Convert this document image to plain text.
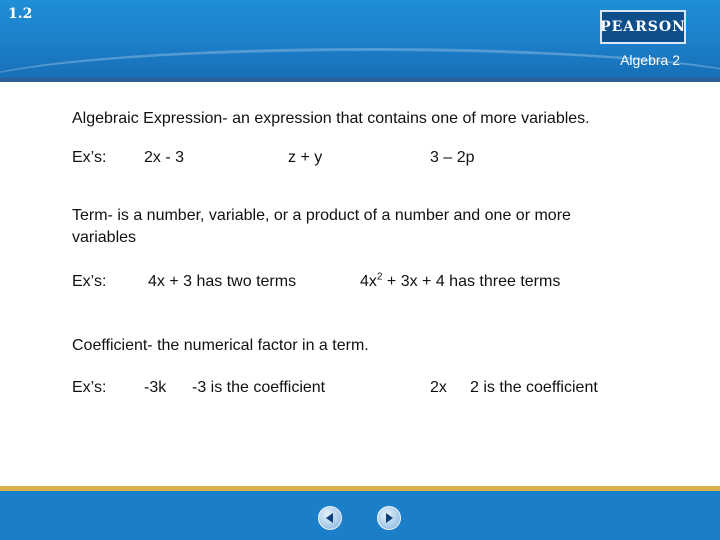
1.2
PEARSON
Algebra 2

Algebraic Expression- an expression that contains one of more variables.

Ex’s: 2x - 3	z + y	3 – 2p

Term- is a number, variable, or a product of a number and one or more variables

Ex’s:	4x + 3 has two terms	$4x^2 + 3x + 4$ has three terms

Coefficient- the numerical factor in a term.

Ex’s: -3k -3 is the coefficient	2x 2 is the coefficient
